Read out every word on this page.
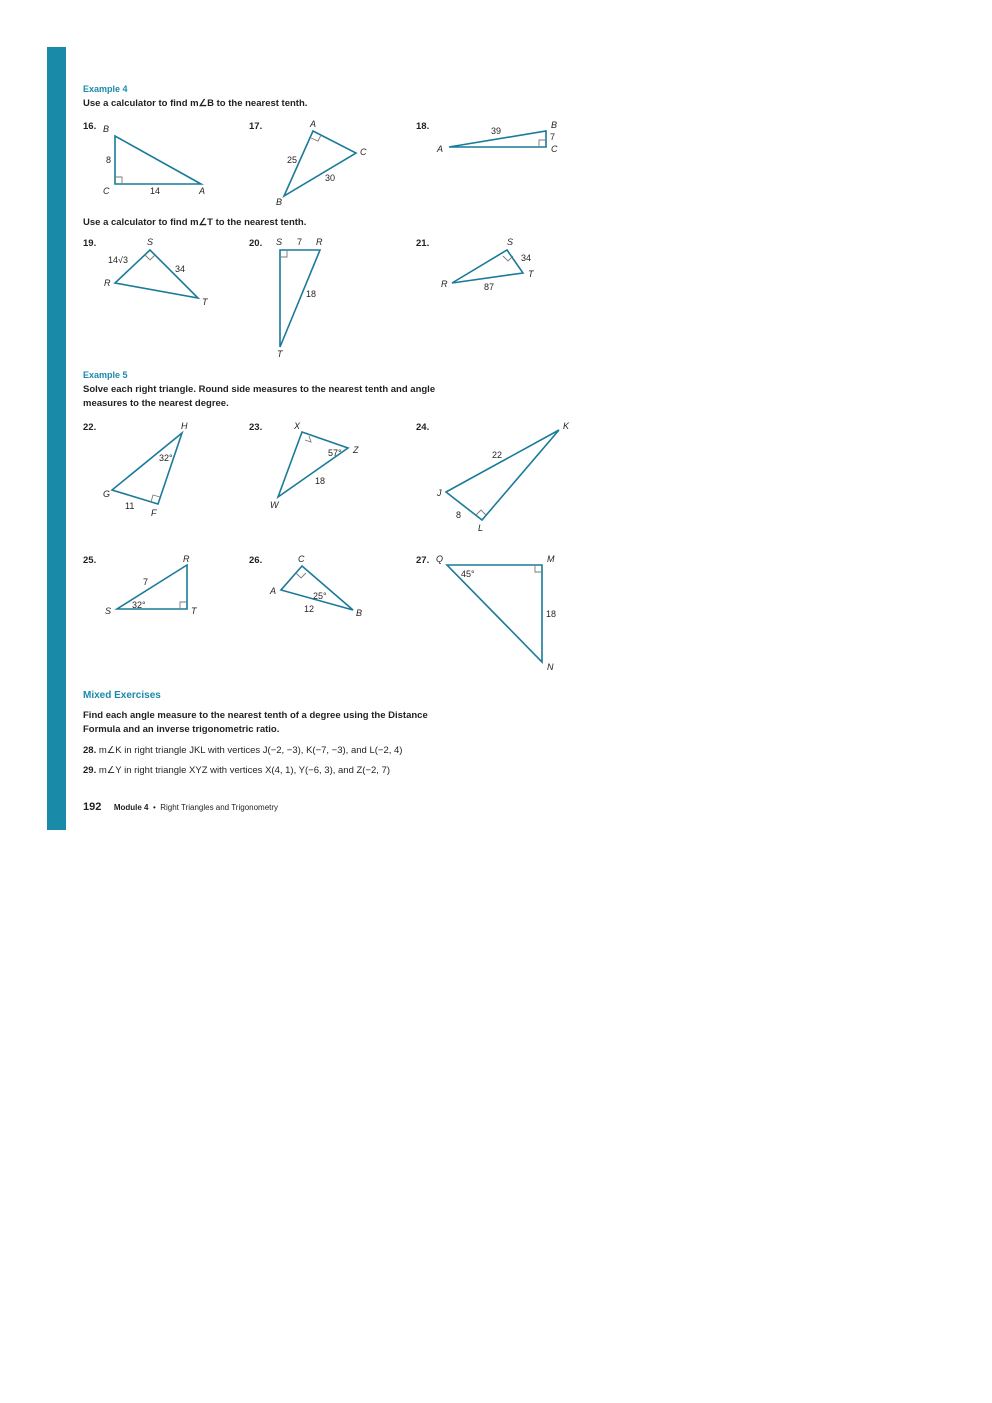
Example 4
Use a calculator to find m∠B to the nearest tenth.
16. B
C	A
8
14
17.	A
C
B
25
30
18.
A
B
C
39
7
Use a calculator to find m∠T to the nearest tenth.
19.	S
R
T
14√3
34
20. S	R
T
7
18
21.	S
R
T
34
87
Example 5
Solve each right triangle. Round side measures to the nearest tenth and angle
measures to the nearest degree.
22.	H
G
F
32°
11
23.	X
Z
W
57°
18
24.	K
J
L
22
8
25.	R
S	T
7
32°
26.	C
A
B
25°
12
27. Q	M
N
45°
18
Mixed Exercises
Find each angle measure to the nearest tenth of a degree using the Distance
Formula and an inverse trigonometric ratio.
28. m∠K in right triangle JKL with vertices J(−2, −3), K(−7, −3), and L(−2, 4)
29. m∠Y in right triangle XYZ with vertices X(4, 1), Y(−6, 3), and Z(−2, 7)
192 Module 4 • Right Triangles and Trigonometry
